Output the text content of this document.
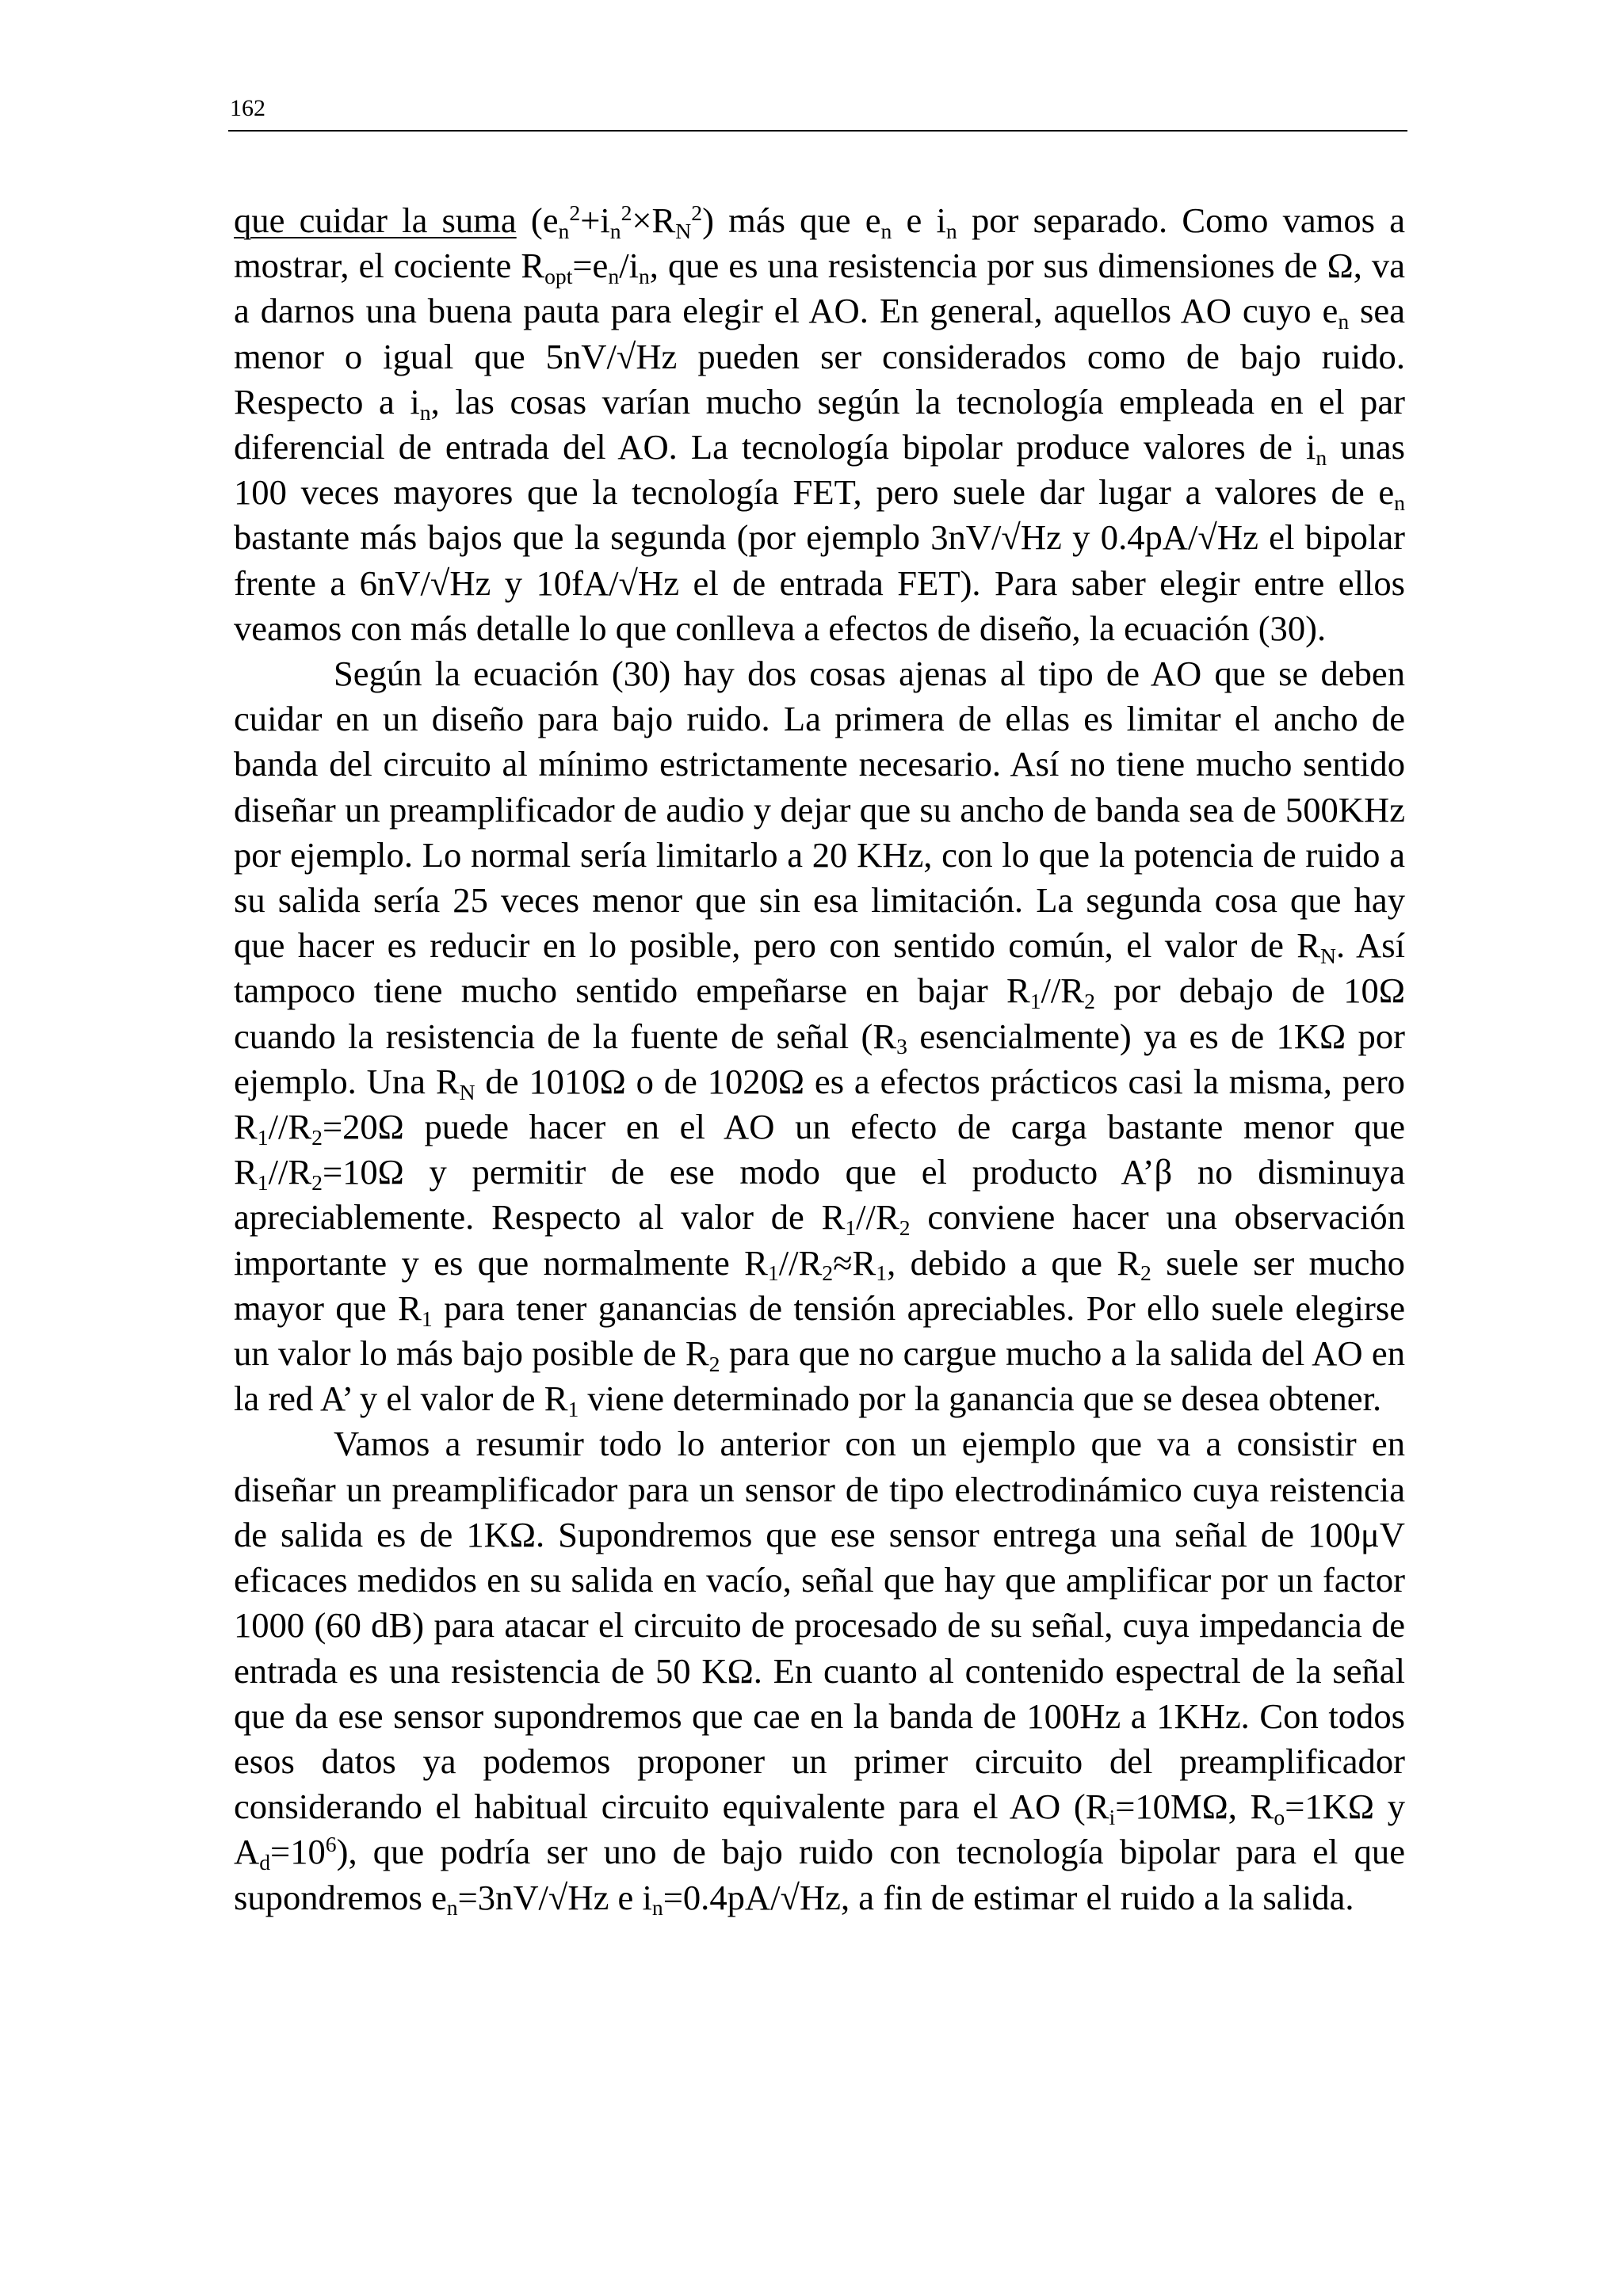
162

que cuidar la suma $(e_n^2+i_n^2\times R_N^2)$ más que $e_n$ e $i_n$ por separado. Como vamos a mostrar, el cociente $R_{opt}=e_n/i_n$, que es una resistencia por sus dimensiones de Ω, va a darnos una buena pauta para elegir el AO. En general, aquellos AO cuyo $e_n$ sea menor o igual que 5nV/√Hz pueden ser considerados como de bajo ruido. Respecto a $i_n$, las cosas varían mucho según la tecnología empleada en el par diferencial de entrada del AO. La tecnología bipolar produce valores de $i_n$ unas 100 veces mayores que la tecnología FET, pero suele dar lugar a valores de $e_n$ bastante más bajos que la segunda (por ejemplo 3nV/√Hz y 0.4pA/√Hz el bipolar frente a 6nV/√Hz y 10fA/√Hz el de entrada FET). Para saber elegir entre ellos veamos con más detalle lo que conlleva a efectos de diseño, la ecuación (30).

Según la ecuación (30) hay dos cosas ajenas al tipo de AO que se deben cuidar en un diseño para bajo ruido. La primera de ellas es limitar el ancho de banda del circuito al mínimo estrictamente necesario. Así no tiene mucho sentido diseñar un preamplificador de audio y dejar que su ancho de banda sea de 500KHz por ejemplo. Lo normal sería limitarlo a 20 KHz, con lo que la potencia de ruido a su salida sería 25 veces menor que sin esa limitación. La segunda cosa que hay que hacer es reducir en lo posible, pero con sentido común, el valor de $R_N$. Así tampoco tiene mucho sentido empeñarse en bajar $R_1//R_2$ por debajo de 10Ω cuando la resistencia de la fuente de señal ($R_3$ esencialmente) ya es de 1KΩ por ejemplo. Una $R_N$ de 1010Ω o de 1020Ω es a efectos prácticos casi la misma, pero $R_1//R_2=20\Omega$ puede hacer en el AO un efecto de carga bastante menor que $R_1//R_2=10\Omega$ y permitir de ese modo que el producto A’β no disminuya apreciablemente. Respecto al valor de $R_1//R_2$ conviene hacer una observación importante y es que normalmente $R_1//R_2\approx R_1$, debido a que $R_2$ suele ser mucho mayor que $R_1$ para tener ganancias de tensión apreciables. Por ello suele elegirse un valor lo más bajo posible de $R_2$ para que no cargue mucho a la salida del AO en la red A’ y el valor de $R_1$ viene determinado por la ganancia que se desea obtener.

Vamos a resumir todo lo anterior con un ejemplo que va a consistir en diseñar un preamplificador para un sensor de tipo electrodinámico cuya reistencia de salida es de 1KΩ. Supondremos que ese sensor entrega una señal de 100μV eficaces medidos en su salida en vacío, señal que hay que amplificar por un factor 1000 (60 dB) para atacar el circuito de procesado de su señal, cuya impedancia de entrada es una resistencia de 50 KΩ. En cuanto al contenido espectral de la señal que da ese sensor supondremos que cae en la banda de 100Hz a 1KHz. Con todos esos datos ya podemos proponer un primer circuito del preamplificador considerando el habitual circuito equivalente para el AO ($R_i=10M\Omega$, $R_o=1K\Omega$ y $A_d=10^6$), que podría ser uno de bajo ruido con tecnología bipolar para el que supondremos $e_n=3nV/√Hz$ e $i_n=0.4pA/√Hz$, a fin de estimar el ruido a la salida.
